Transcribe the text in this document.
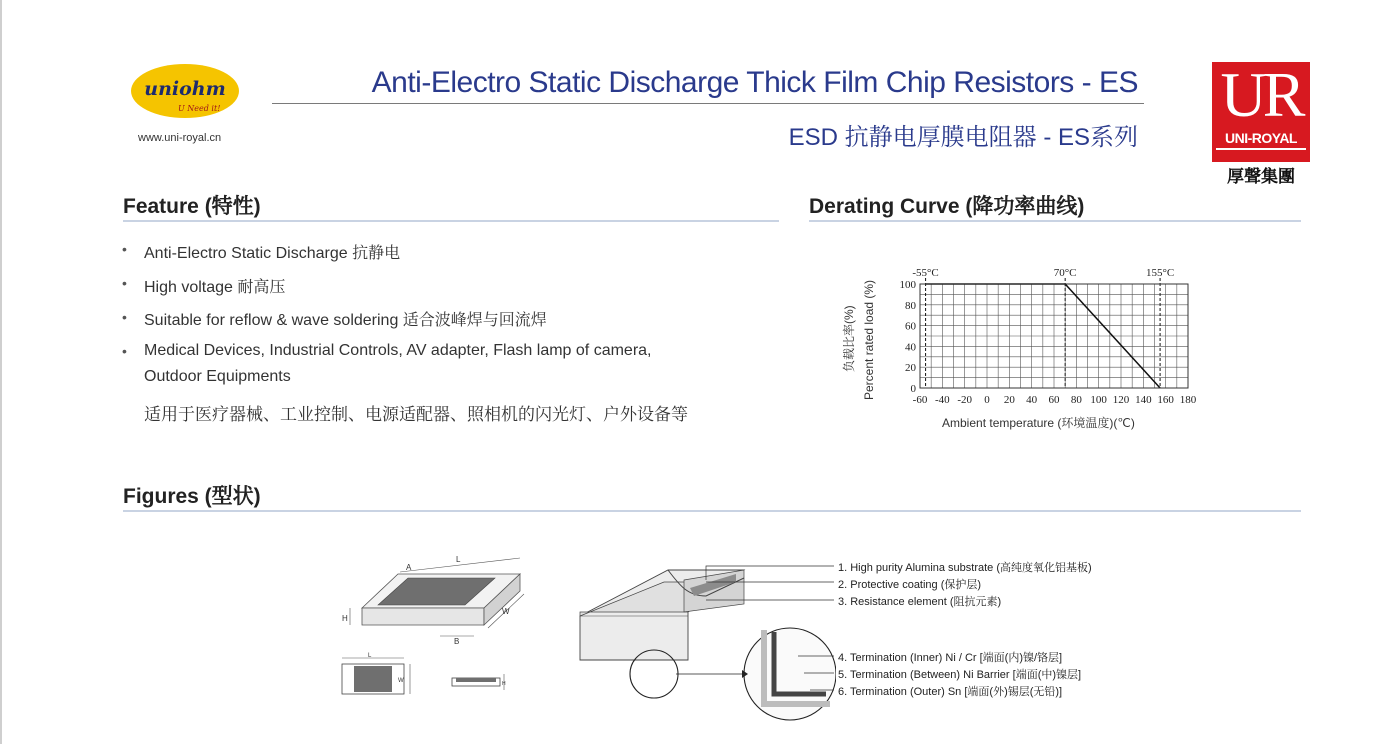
uniohm
U Need it!
www.uni-royal.cn
Anti-Electro Static Discharge Thick Film Chip Resistors - ES
ESD 抗静电厚膜电阻器 - ES系列
UR
UNI-ROYAL
厚聲集團
Feature (特性)
• Anti-Electro Static Discharge 抗静电
• High voltage 耐高压
• Suitable for reflow & wave soldering 适合波峰焊与回流焊
• Medical Devices, Industrial Controls, AV adapter, Flash lamp of camera,
Outdoor Equipments
适用于医疗器械、工业控制、电源适配器、照相机的闪光灯、户外设备等
Derating Curve (降功率曲线)
0
20
40
60
80
100
-60 -40 -20 0 20 40 60 80 100 120 140 160 180
-55°C	70°C	155°C
负载比率(%) Percent rated load (%)
Ambient temperature (环境温度)(℃)
Figures (型状)
L
A
H
W
B
L
W	H
1. High purity Alumina substrate (高纯度氧化铝基板)
2. Protective coating (保护层)
3. Resistance element (阻抗元素)
4. Termination (Inner) Ni / Cr [端面(内)镍/铬层]
5. Termination (Between) Ni Barrier [端面(中)镍层]
6. Termination (Outer) Sn [端面(外)锡层(无铅)]
